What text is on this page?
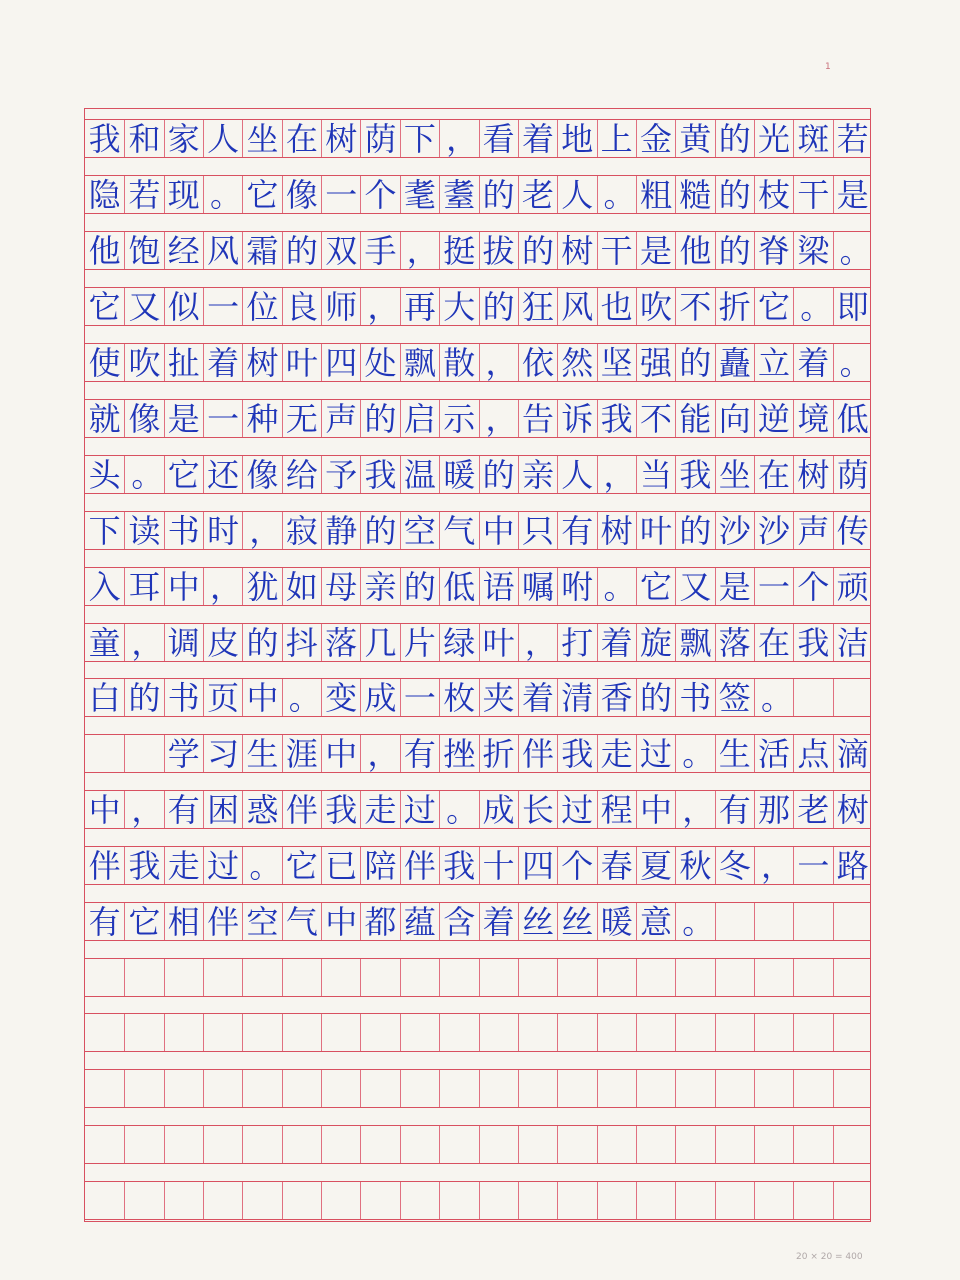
1
我 和 家 人 坐 在 树 荫 下 ， 看 着 地 上 金 黄 的 光 斑 若
隐 若 现 。 它 像 一 个 耄 耋 的 老 人 。 粗 糙 的 枝 干 是
他 饱 经 风 霜 的 双 手 ， 挺 拔 的 树 干 是 他 的 脊 梁 。
它 又 似 一 位 良 师 ， 再 大 的 狂 风 也 吹 不 折 它 。 即
使 吹 扯 着 树 叶 四 处 飘 散 ， 依 然 坚 强 的 矗 立 着 。
就 像 是 一 种 无 声 的 启 示 ， 告 诉 我 不 能 向 逆 境 低
头 。 它 还 像 给 予 我 温 暖 的 亲 人 ， 当 我 坐 在 树 荫
下 读 书 时 ， 寂 静 的 空 气 中 只 有 树 叶 的 沙 沙 声 传
入 耳 中 ， 犹 如 母 亲 的 低 语 嘱 咐 。 它 又 是 一 个 顽
童 ， 调 皮 的 抖 落 几 片 绿 叶 ， 打 着 旋 飘 落 在 我 洁
白 的 书 页 中 。 变 成 一 枚 夹 着 清 香 的 书 签 。
学 习 生 涯 中 ， 有 挫 折 伴 我 走 过 。 生 活 点 滴
中 ， 有 困 惑 伴 我 走 过 。 成 长 过 程 中 ， 有 那 老 树
伴 我 走 过 。 它 已 陪 伴 我 十 四 个 春 夏 秋 冬 ， 一 路
有 它 相 伴 空 气 中 都 蕴 含 着 丝 丝 暖 意 。
20 × 20 = 400
